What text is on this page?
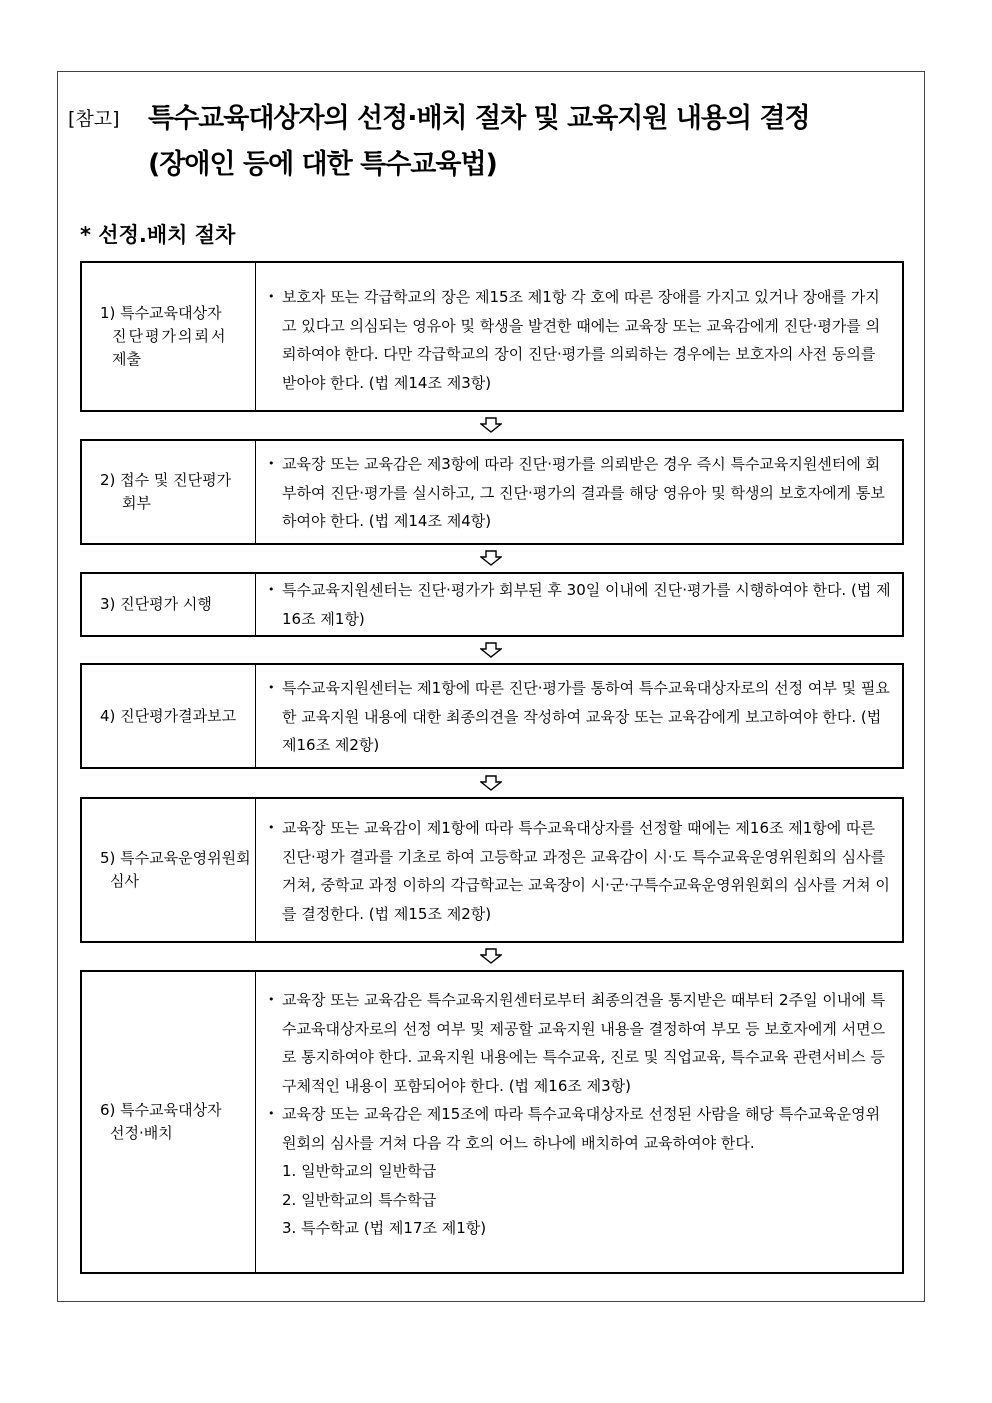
[참고] 특수교육대상자의 선정·배치 절차 및 교육지원 내용의 결정
(장애인 등에 대한 특수교육법)
* 선정.배치 절차
1) 특수교육대상자
진단평가의뢰서
제출
• 보호자 또는 각급학교의 장은 제15조 제1항 각 호에 따른 장애를 가지고 있거나 장애를 가지고 있다고 의심되는 영유아 및 학생을 발견한 때에는 교육장 또는 교육감에게 진단·평가를 의뢰하여야 한다. 다만 각급학교의 장이 진단·평가를 의뢰하는 경우에는 보호자의 사전 동의를 받아야 한다. (법 제14조 제3항)
2) 접수 및 진단평가
회부
• 교육장 또는 교육감은 제3항에 따라 진단·평가를 의뢰받은 경우 즉시 특수교육지원센터에 회부하여 진단·평가를 실시하고, 그 진단·평가의 결과를 해당 영유아 및 학생의 보호자에게 통보하여야 한다. (법 제14조 제4항)
3) 진단평가 시행
• 특수교육지원센터는 진단·평가가 회부된 후 30일 이내에 진단·평가를 시행하여야 한다. (법 제16조 제1항)
4) 진단평가결과보고
• 특수교육지원센터는 제1항에 따른 진단·평가를 통하여 특수교육대상자로의 선정 여부 및 필요한 교육지원 내용에 대한 최종의견을 작성하여 교육장 또는 교육감에게 보고하여야 한다. (법 제16조 제2항)
5) 특수교육운영위원회
심사
• 교육장 또는 교육감이 제1항에 따라 특수교육대상자를 선정할 때에는 제16조 제1항에 따른 진단·평가 결과를 기초로 하여 고등학교 과정은 교육감이 시·도 특수교육운영위원회의 심사를 거쳐, 중학교 과정 이하의 각급학교는 교육장이 시·군·구특수교육운영위원회의 심사를 거쳐 이를 결정한다. (법 제15조 제2항)
6) 특수교육대상자
선정·배치
• 교육장 또는 교육감은 특수교육지원센터로부터 최종의견을 통지받은 때부터 2주일 이내에 특수교육대상자로의 선정 여부 및 제공할 교육지원 내용을 결정하여 부모 등 보호자에게 서면으로 통지하여야 한다. 교육지원 내용에는 특수교육, 진로 및 직업교육, 특수교육 관련서비스 등 구체적인 내용이 포함되어야 한다. (법 제16조 제3항)
• 교육장 또는 교육감은 제15조에 따라 특수교육대상자로 선정된 사람을 해당 특수교육운영위원회의 심사를 거쳐 다음 각 호의 어느 하나에 배치하여 교육하여야 한다.
1. 일반학교의 일반학급
2. 일반학교의 특수학급
3. 특수학교 (법 제17조 제1항)
